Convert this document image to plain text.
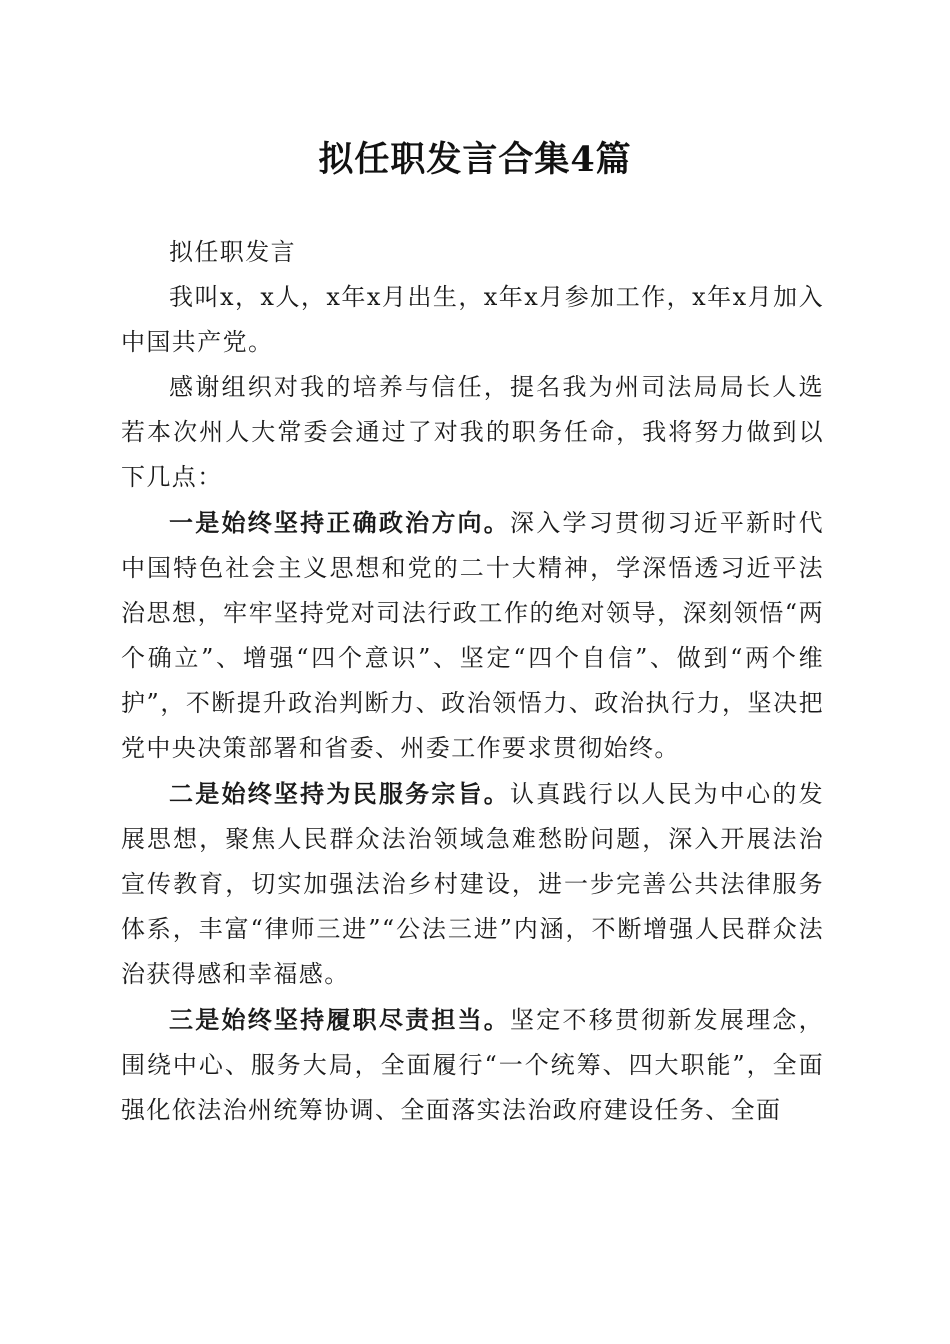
拟任职发言合集4篇

拟任职发言

我叫x，x人，x年x月出生，x年x月参加工作，x年x月加入中国共产党。

感谢组织对我的培养与信任，提名我为州司法局局长人选若本次州人大常委会通过了对我的职务任命，我将努力做到以下几点：

一是始终坚持正确政治方向。深入学习贯彻习近平新时代中国特色社会主义思想和党的二十大精神，学深悟透习近平法治思想，牢牢坚持党对司法行政工作的绝对领导，深刻领悟“两个确立”、增强“四个意识”、坚定“四个自信”、做到“两个维护”，不断提升政治判断力、政治领悟力、政治执行力，坚决把党中央决策部署和省委、州委工作要求贯彻始终。

二是始终坚持为民服务宗旨。认真践行以人民为中心的发展思想，聚焦人民群众法治领域急难愁盼问题，深入开展法治宣传教育，切实加强法治乡村建设，进一步完善公共法律服务体系，丰富“律师三进”“公法三进”内涵，不断增强人民群众法治获得感和幸福感。

三是始终坚持履职尽责担当。坚定不移贯彻新发展理念，围绕中心、服务大局，全面履行“一个统筹、四大职能”，全面强化依法治州统筹协调、全面落实法治政府建设任务、全面
